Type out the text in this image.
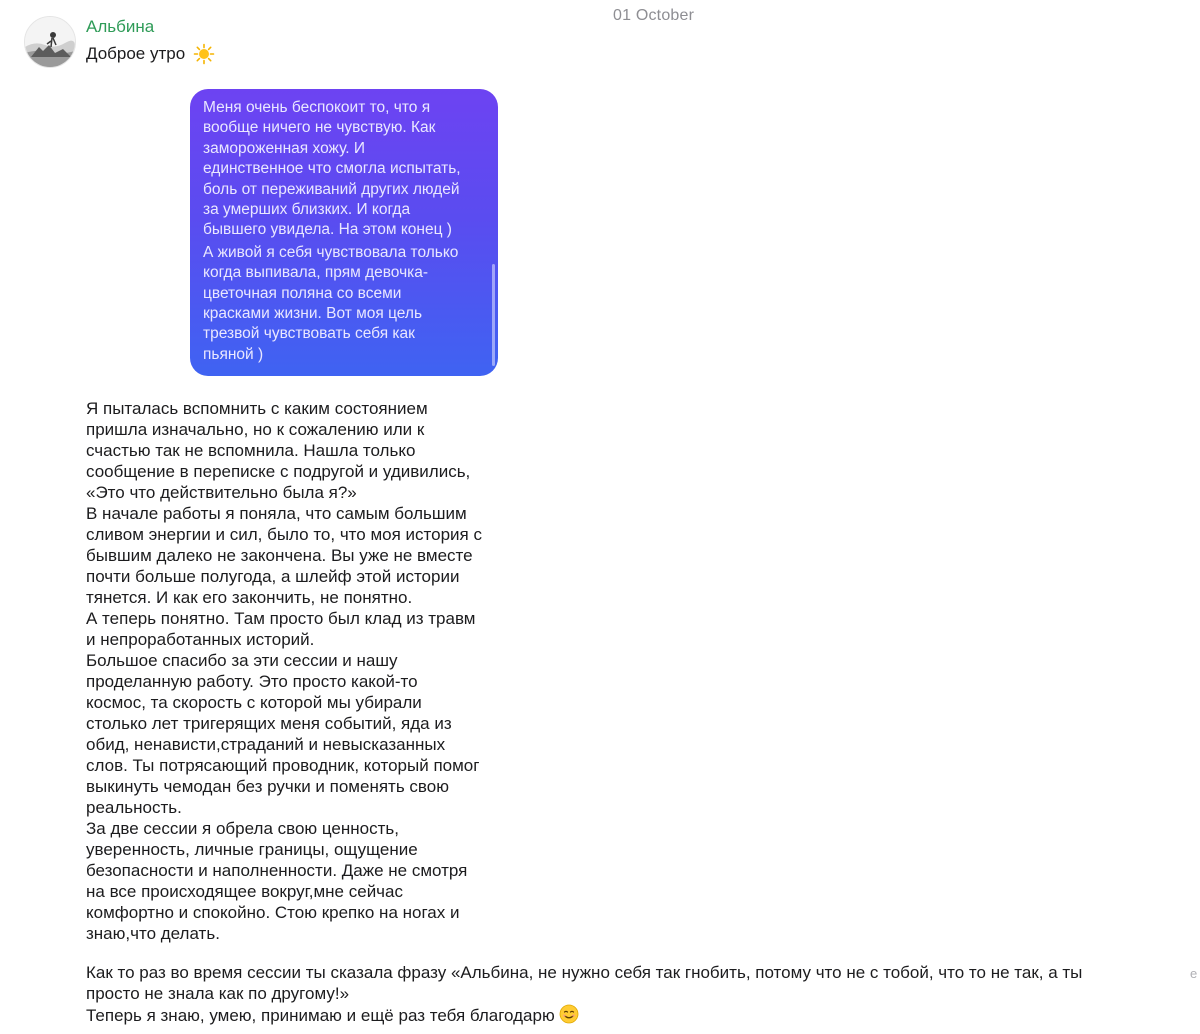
01 October
Альбина
Доброе утро

Меня очень беспокоит то, что я
вообще ничего не чувствую. Как
замороженная хожу. И
единственное что смогла испытать,
боль от переживаний других людей
за умерших близких. И когда
бывшего увидела. На этом конец )

А живой я себя чувствовала только
когда выпивала, прям девочка-
цветочная поляна со всеми
красками жизни. Вот моя цель
трезвой чувствовать себя как
пьяной )

Я пыталась вспомнить с каким состоянием
пришла изначально, но к сожалению или к
счастью так не вспомнила. Нашла только
сообщение в переписке с подругой и удивились,
«Это что действительно была я?»
В начале работы я поняла, что самым большим
сливом энергии и сил, было то, что моя история с
бывшим далеко не закончена. Вы уже не вместе
почти больше полугода, а шлейф этой истории
тянется. И как его закончить, не понятно.
А теперь понятно. Там просто был клад из травм
и непроработанных историй.
Большое спасибо за эти сессии и нашу
проделанную работу. Это просто какой-то
космос, та скорость с которой мы убирали
столько лет тригерящих меня событий, яда из
обид, ненависти,страданий и невысказанных
слов. Ты потрясающий проводник, который помог
выкинуть чемодан без ручки и поменять свою
реальность.
За две сессии я обрела свою ценность,
уверенность, личные границы, ощущение
безопасности и наполненности. Даже не смотря
на все происходящее вокруг,мне сейчас
комфортно и спокойно. Стою крепко на ногах и
знаю,что делать.

Как то раз во время сессии ты сказала фразу «Альбина, не нужно себя так гнобить, потому что не с тобой, что то не так, а ты
просто не знала как по другому!»
Теперь я знаю, умею, принимаю и ещё раз тебя благодарю

e
